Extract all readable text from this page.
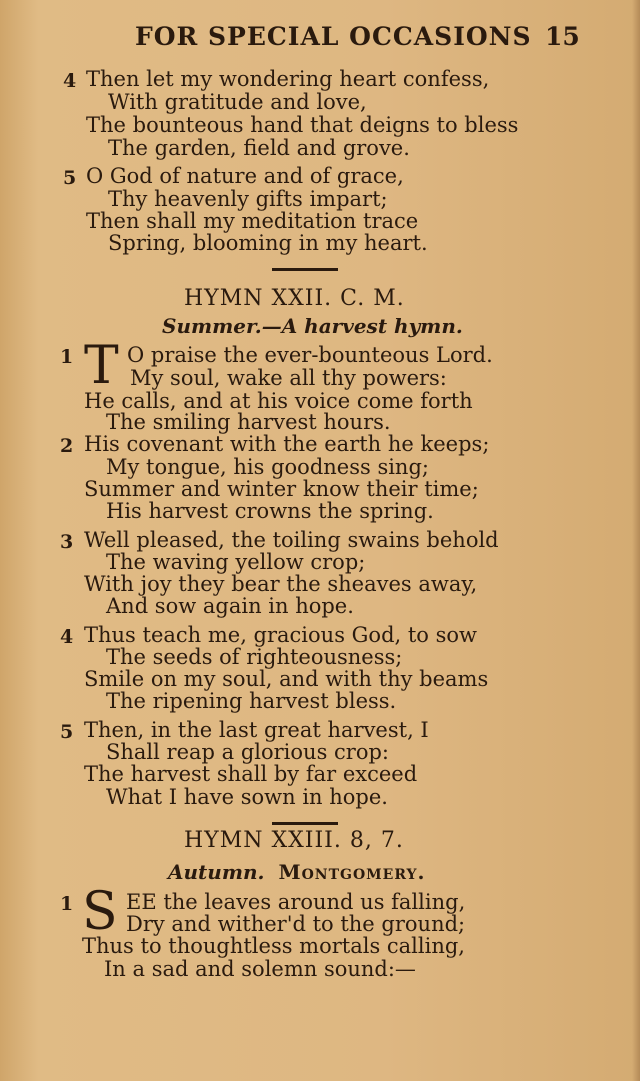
FOR SPECIAL OCCASIONS 15
4 Then let my wondering heart confess,
With gratitude and love,
The bounteous hand that deigns to bless
The garden, field and grove.
5 O God of nature and of grace,
Thy heavenly gifts impart;
Then shall my meditation trace
Spring, blooming in my heart.
HYMN XXII. C. M.
Summer.—A harvest hymn.
1 T O praise the ever-bounteous Lord.
My soul, wake all thy powers:
He calls, and at his voice come forth
The smiling harvest hours.
2 His covenant with the earth he keeps;
My tongue, his goodness sing;
Summer and winter know their time;
His harvest crowns the spring.
3 Well pleased, the toiling swains behold
The waving yellow crop;
With joy they bear the sheaves away,
And sow again in hope.
4 Thus teach me, gracious God, to sow
The seeds of righteousness;
Smile on my soul, and with thy beams
The ripening harvest bless.
5 Then, in the last great harvest, I
Shall reap a glorious crop:
The harvest shall by far exceed
What I have sown in hope.
HYMN XXIII. 8, 7.
Autumn. Montgomery.
1 S EE the leaves around us falling,
Dry and wither'd to the ground;
Thus to thoughtless mortals calling,
In a sad and solemn sound:—
